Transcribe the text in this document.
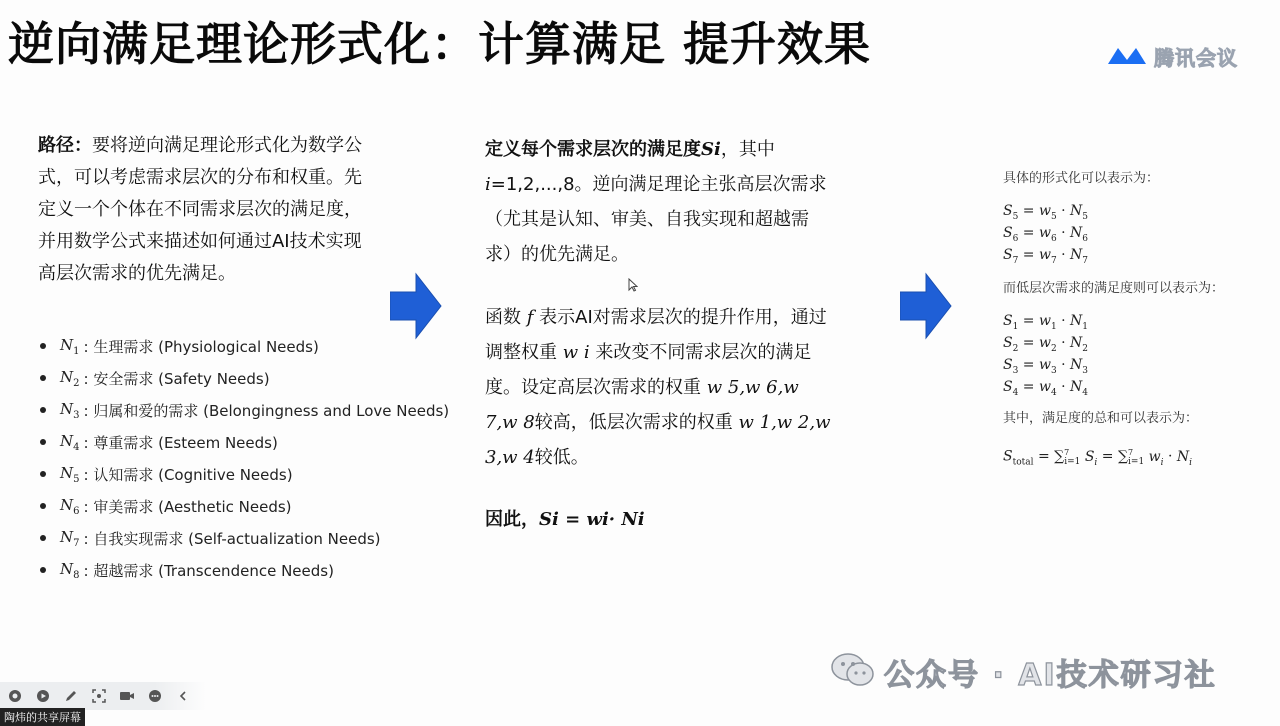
逆向满足理论形式化：计算满足 提升效果	腾讯会议
路径：要将逆向满足理论形式化为数学公式，可以考虑需求层次的分布和权重。先定义一个个体在不同需求层次的满足度，并用数学公式来描述如何通过AI技术实现高层次需求的优先满足。
$N_1$ : 生理需求 (Physiological Needs)
$N_2$ : 安全需求 (Safety Needs)
$N_3$ : 归属和爱的需求 (Belongingness and Love Needs)
$N_4$ : 尊重需求 (Esteem Needs)
$N_5$ : 认知需求 (Cognitive Needs)
$N_6$ : 审美需求 (Aesthetic Needs)
$N_7$ : 自我实现需求 (Self-actualization Needs)
$N_8$ : 超越需求 (Transcendence Needs)
定义每个需求层次的满足度Si，其中
i=1,2,...,8。逆向满足理论主张高层次需求（尤其是认知、审美、自我实现和超越需求）的优先满足。
函数 f 表示AI对需求层次的提升作用，通过调整权重 w i 来改变不同需求层次的满足度。设定高层次需求的权重 w 5,w 6,w 7,w 8较高，低层次需求的权重 w 1,w 2,w 3,w 4较低。
因此，Si = wi· Ni

具体的形式化可以表示为：

$S_5 = w_5 \cdot N_5$
$S_6 = w_6 \cdot N_6$
$S_7 = w_7 \cdot N_7$

而低层次需求的满足度则可以表示为：

$S_1 = w_1 \cdot N_1$
$S_2 = w_2 \cdot N_2$
$S_3 = w_3 \cdot N_3$
$S_4 = w_4 \cdot N_4$

其中，满足度的总和可以表示为：

$S_{total} = \sum^7_{i=1}$ $S_i = \sum^7_{i=1}$ $w_i \cdot N_i$
公众号 · AI技术研习社
陶炜的共享屏幕
